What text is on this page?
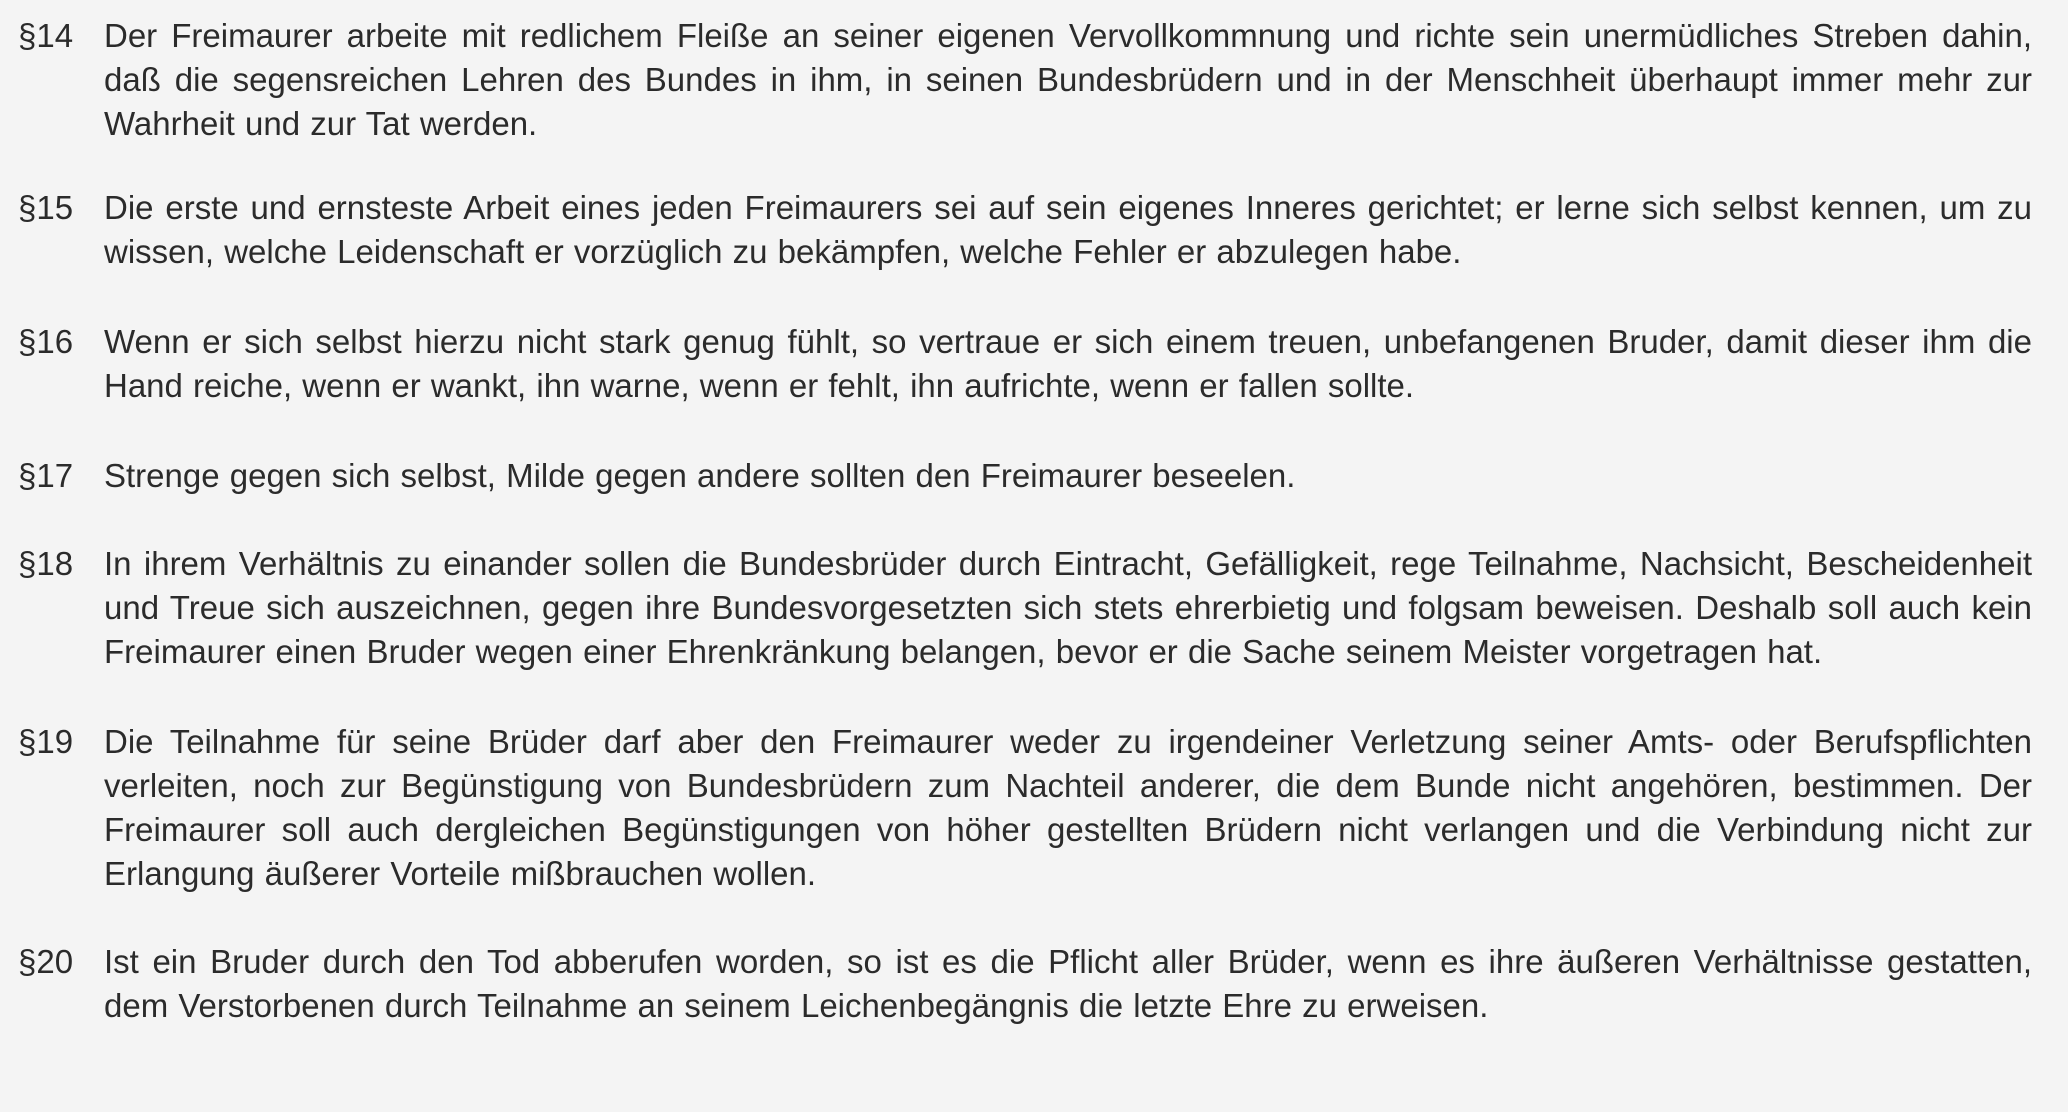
§14 Der Freimaurer arbeite mit redlichem Fleiße an seiner eigenen Vervollkommnung und richte sein unermüdliches Streben dahin, daß die segensreichen Lehren des Bundes in ihm, in seinen Bundesbrüdern und in der Menschheit überhaupt immer mehr zur Wahrheit und zur Tat werden.
§15 Die erste und ernsteste Arbeit eines jeden Freimaurers sei auf sein eigenes Inneres gerichtet; er lerne sich selbst kennen, um zu wissen, welche Leidenschaft er vorzüglich zu bekämpfen, welche Fehler er abzulegen habe.
§16 Wenn er sich selbst hierzu nicht stark genug fühlt, so vertraue er sich einem treuen, unbefangenen Bruder, damit dieser ihm die Hand reiche, wenn er wankt, ihn warne, wenn er fehlt, ihn aufrichte, wenn er fallen sollte.
§17 Strenge gegen sich selbst, Milde gegen andere sollten den Freimaurer beseelen.
§18 In ihrem Verhältnis zu einander sollen die Bundesbrüder durch Eintracht, Gefälligkeit, rege Teilnahme, Nachsicht, Bescheidenheit und Treue sich auszeichnen, gegen ihre Bundesvorgesetzten sich stets ehrerbietig und folgsam beweisen. Deshalb soll auch kein Freimaurer einen Bruder wegen einer Ehrenkränkung belangen, bevor er die Sache seinem Meister vorgetragen hat.
§19 Die Teilnahme für seine Brüder darf aber den Freimaurer weder zu irgendeiner Verletzung seiner Amts- oder Berufspflichten verleiten, noch zur Begünstigung von Bundesbrüdern zum Nachteil anderer, die dem Bunde nicht angehören, bestimmen. Der Freimaurer soll auch dergleichen Begünstigungen von höher gestellten Brüdern nicht verlangen und die Verbindung nicht zur Erlangung äußerer Vorteile mißbrauchen wollen.
§20 Ist ein Bruder durch den Tod abberufen worden, so ist es die Pflicht aller Brüder, wenn es ihre äußeren Verhältnisse gestatten, dem Verstorbenen durch Teilnahme an seinem Leichenbegängnis die letzte Ehre zu erweisen.
